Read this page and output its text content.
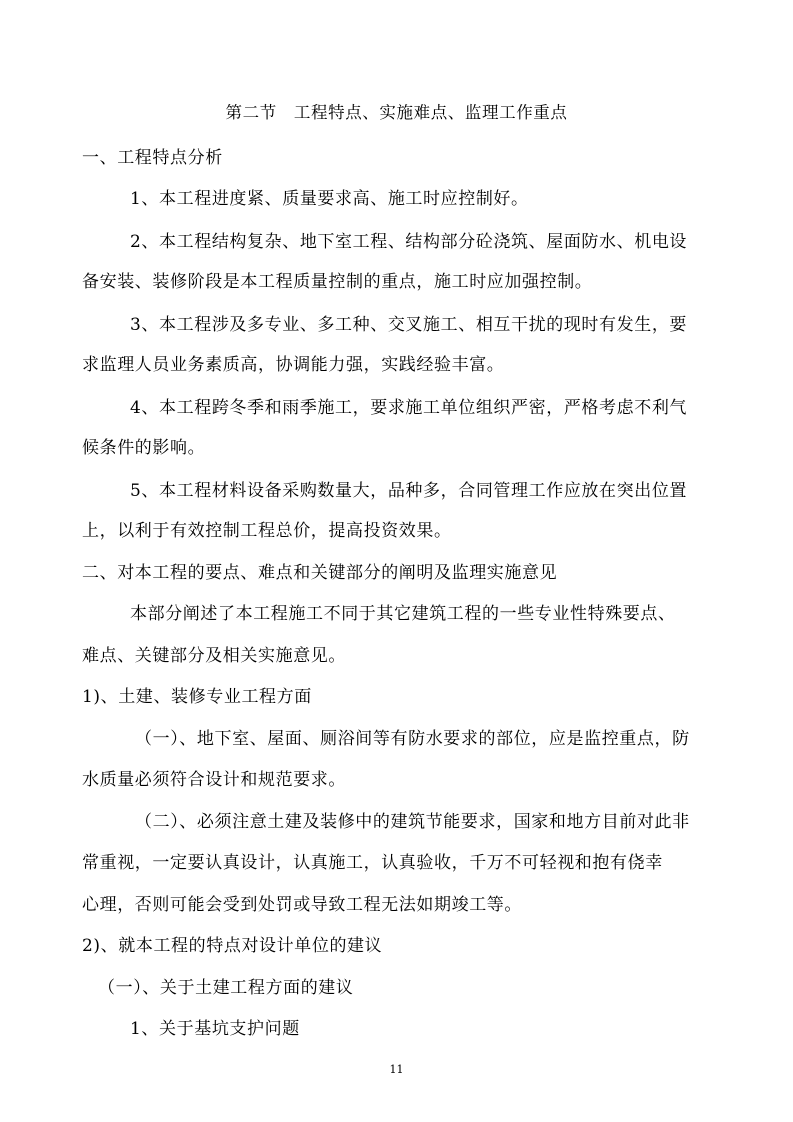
第二节　工程特点、实施难点、监理工作重点
一、工程特点分析
1、本工程进度紧、质量要求高、施工时应控制好。
2、本工程结构复杂、地下室工程、结构部分砼浇筑、屋面防水、机电设
备安装、装修阶段是本工程质量控制的重点，施工时应加强控制。
3、本工程涉及多专业、多工种、交叉施工、相互干扰的现时有发生，要
求监理人员业务素质高，协调能力强，实践经验丰富。
4、本工程跨冬季和雨季施工，要求施工单位组织严密，严格考虑不利气
候条件的影响。
5、本工程材料设备采购数量大，品种多，合同管理工作应放在突出位置
上，以利于有效控制工程总价，提高投资效果。
二、对本工程的要点、难点和关键部分的阐明及监理实施意见
本部分阐述了本工程施工不同于其它建筑工程的一些专业性特殊要点、
难点、关键部分及相关实施意见。
1)、土建、装修专业工程方面
（一）、地下室、屋面、厕浴间等有防水要求的部位，应是监控重点，防
水质量必须符合设计和规范要求。
（二）、必须注意土建及装修中的建筑节能要求，国家和地方目前对此非
常重视，一定要认真设计，认真施工，认真验收，千万不可轻视和抱有侥幸
心理，否则可能会受到处罚或导致工程无法如期竣工等。
2)、就本工程的特点对设计单位的建议
（一）、关于土建工程方面的建议
1、关于基坑支护问题
11
